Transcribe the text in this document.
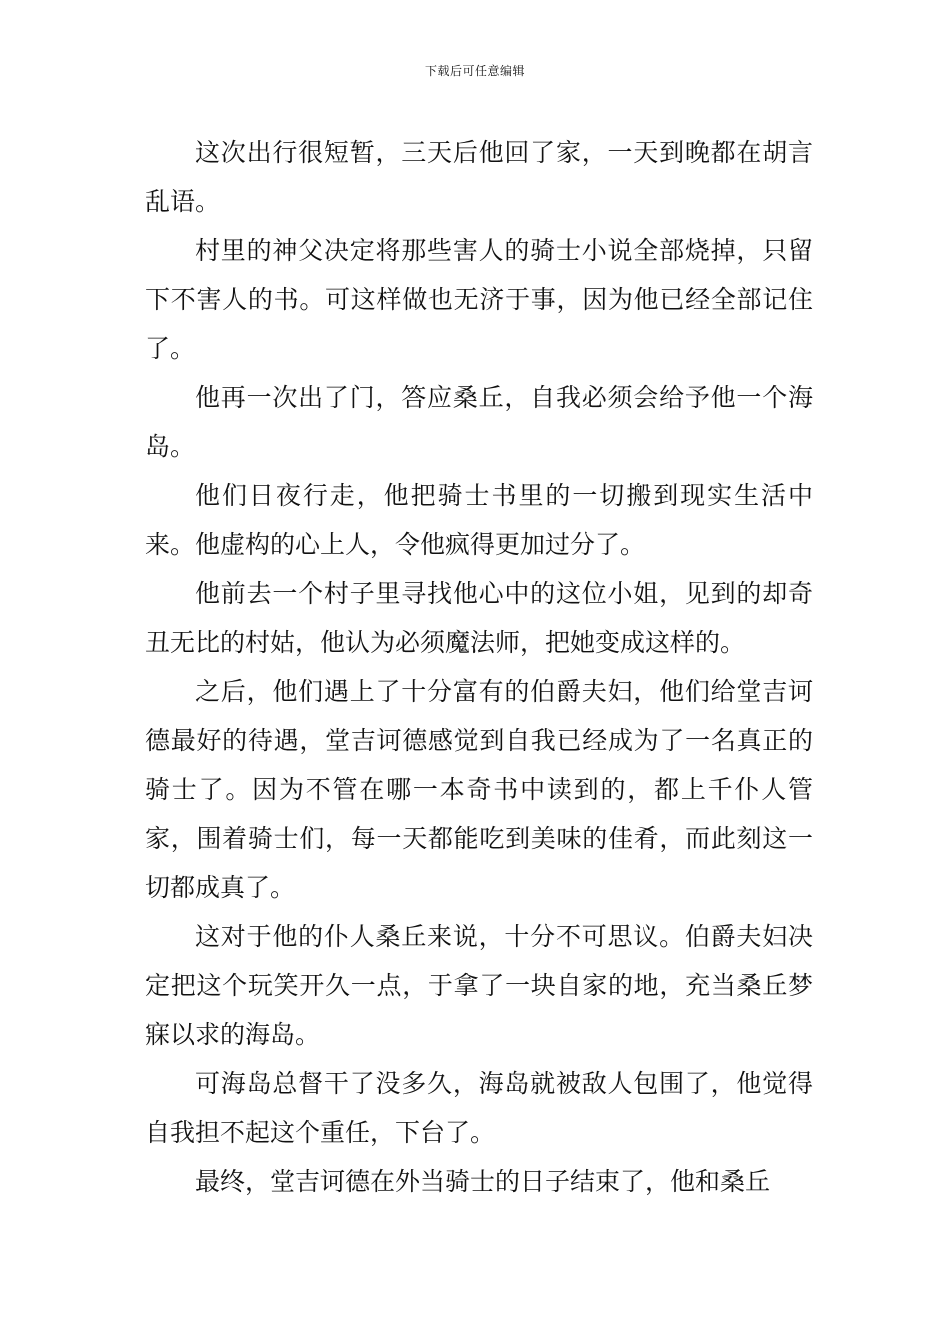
下载后可任意编辑

这次出行很短暂，三天后他回了家，一天到晚都在胡言乱语。

村里的神父决定将那些害人的骑士小说全部烧掉，只留下不害人的书。可这样做也无济于事，因为他已经全部记住了。

他再一次出了门，答应桑丘，自我必须会给予他一个海岛。

他们日夜行走，他把骑士书里的一切搬到现实生活中来。他虚构的心上人，令他疯得更加过分了。

他前去一个村子里寻找他心中的这位小姐，见到的却奇丑无比的村姑，他认为必须魔法师，把她变成这样的。

之后，他们遇上了十分富有的伯爵夫妇，他们给堂吉诃德最好的待遇，堂吉诃德感觉到自我已经成为了一名真正的骑士了。因为不管在哪一本奇书中读到的，都上千仆人管家，围着骑士们，每一天都能吃到美味的佳肴，而此刻这一切都成真了。

这对于他的仆人桑丘来说，十分不可思议。伯爵夫妇决定把这个玩笑开久一点，于拿了一块自家的地，充当桑丘梦寐以求的海岛。

可海岛总督干了没多久，海岛就被敌人包围了，他觉得自我担不起这个重任，下台了。

最终，堂吉诃德在外当骑士的日子结束了，他和桑丘
